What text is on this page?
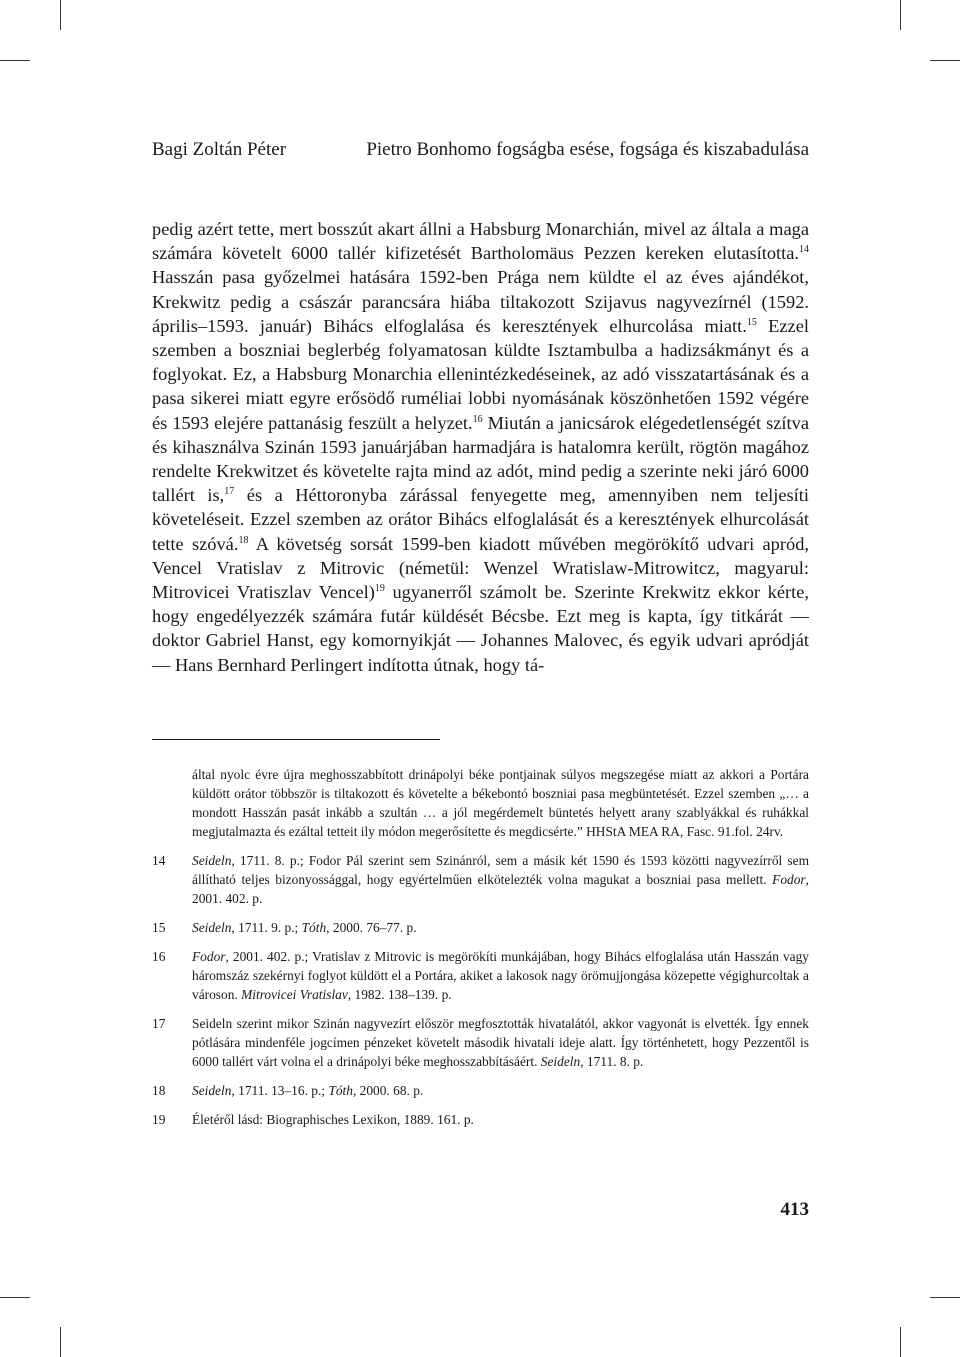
Bagi Zoltán Péter	Pietro Bonhomo fogságba esése, fogsága és kiszabadulása
pedig azért tette, mert bosszút akart állni a Habsburg Monarchián, mivel az általa a maga számára követelt 6000 tallér kifizetését Bartholomäus Pezzen kereken elutasította.$^{14}$ Hasszán pasa győzelmei hatására 1592-ben Prága nem küldte el az éves ajándékot, Krekwitz pedig a császár parancsára hiába tiltakozott Szijavus nagyvezírnél (1592. április–1593. január) Bihács elfoglalása és keresztények elhurcolása miatt.$^{15}$ Ezzel szemben a boszniai beglerbég folyamatosan küldte Isztambulba a hadizsákmányt és a foglyokat. Ez, a Habsburg Monarchia ellenintézkedéseinek, az adó visszatartásának és a pasa sikerei miatt egyre erősödő ruméliai lobbi nyomásának köszönhetően 1592 végére és 1593 elejére pattanásig feszült a helyzet.$^{16}$ Miután a janicsárok elégedetlenségét szítva és kihasználva Szinán 1593 januárjában harmadjára is hatalomra került, rögtön magához rendelte Krekwitzet és követelte rajta mind az adót, mind pedig a szerinte neki járó 6000 tallért is,$^{17}$ és a Héttoronyba zárással fenyegette meg, amennyiben nem teljesíti követeléseit. Ezzel szemben az orátor Bihács elfoglalását és a keresztények elhurcolását tette szóvá.$^{18}$ A követség sorsát 1599-ben kiadott művében megörökítő udvari apród, Vencel Vratislav z Mitrovic (németül: Wenzel Wratislaw-Mitrowitcz, magyarul: Mitrovicei Vratiszlav Vencel)$^{19}$ ugyanerről számolt be. Szerinte Krekwitz ekkor kérte, hogy engedélyezzék számára futár küldését Bécsbe. Ezt meg is kapta, így titkárát — doktor Gabriel Hanst, egy komornyikját — Johannes Malovec, és egyik udvari apródját — Hans Bernhard Perlingert indította útnak, hogy tá-
által nyolc évre újra meghosszabbított drinápolyi béke pontjainak súlyos megszegése miatt az akkori a Portára küldött orátor többször is tiltakozott és követelte a békebontó boszniai pasa megbüntetését. Ezzel szemben „… a mondott Hasszán pasát inkább a szultán … a jól megérdemelt büntetés helyett arany szablyákkal és ruhákkal megjutalmazta és ezáltal tetteit ily módon megerősítette és megdicsérte.” HHStA MEA RA, Fasc. 91.fol. 24rv.
14	Seideln, 1711. 8. p.; Fodor Pál szerint sem Szinánról, sem a másik két 1590 és 1593 közötti nagyvezírről sem állítható teljes bizonyossággal, hogy egyértelműen elkötelezték volna magukat a boszniai pasa mellett. Fodor, 2001. 402. p.
15	Seideln, 1711. 9. p.; Tóth, 2000. 76–77. p.
16	Fodor, 2001. 402. p.; Vratislav z Mitrovic is megörökíti munkájában, hogy Bihács elfoglalása után Hasszán vagy háromszáz szekérnyi foglyot küldött el a Portára, akiket a lakosok nagy örömujjongása közepette végighurcoltak a városon. Mitrovicei Vratislav, 1982. 138–139. p.
17	Seideln szerint mikor Szinán nagyvezírt először megfosztották hivatalától, akkor vagyonát is elvették. Így ennek pótlására mindenféle jogcímen pénzeket követelt második hivatali ideje alatt. Így történhetett, hogy Pezzentől is 6000 tallért várt volna el a drinápolyi béke meghosszabbításáért. Seideln, 1711. 8. p.
18	Seideln, 1711. 13–16. p.; Tóth, 2000. 68. p.
19	Életéről lásd: Biographisches Lexikon, 1889. 161. p.
413
